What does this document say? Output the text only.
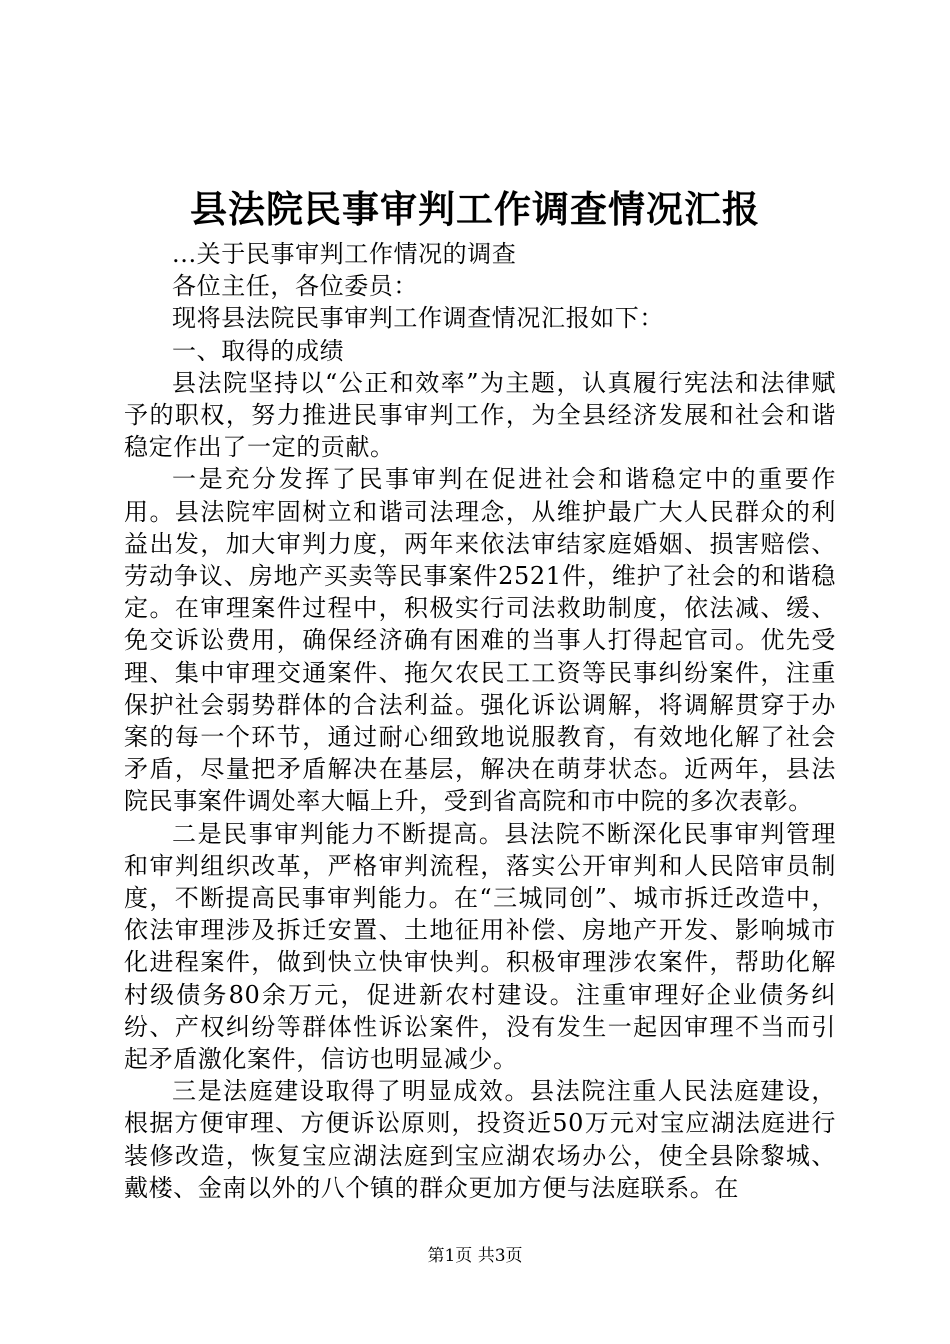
县法院民事审判工作调查情况汇报

...关于民事审判工作情况的调查

各位主任，各位委员：

现将县法院民事审判工作调查情况汇报如下：

一、取得的成绩

县法院坚持以“公正和效率”为主题，认真履行宪法和法律赋予的职权，努力推进民事审判工作，为全县经济发展和社会和谐稳定作出了一定的贡献。

一是充分发挥了民事审判在促进社会和谐稳定中的重要作用。县法院牢固树立和谐司法理念，从维护最广大人民群众的利益出发，加大审判力度，两年来依法审结家庭婚姻、损害赔偿、劳动争议、房地产买卖等民事案件2521件，维护了社会的和谐稳定。在审理案件过程中，积极实行司法救助制度，依法减、缓、免交诉讼费用，确保经济确有困难的当事人打得起官司。优先受理、集中审理交通案件、拖欠农民工工资等民事纠纷案件，注重保护社会弱势群体的合法利益。强化诉讼调解，将调解贯穿于办案的每一个环节，通过耐心细致地说服教育，有效地化解了社会矛盾，尽量把矛盾解决在基层，解决在萌芽状态。近两年，县法院民事案件调处率大幅上升，受到省高院和市中院的多次表彰。

二是民事审判能力不断提高。县法院不断深化民事审判管理和审判组织改革，严格审判流程，落实公开审判和人民陪审员制度，不断提高民事审判能力。在“三城同创”、城市拆迁改造中，依法审理涉及拆迁安置、土地征用补偿、房地产开发、影响城市化进程案件，做到快立快审快判。积极审理涉农案件，帮助化解村级债务80余万元，促进新农村建设。注重审理好企业债务纠纷、产权纠纷等群体性诉讼案件，没有发生一起因审理不当而引起矛盾激化案件，信访也明显减少。

三是法庭建设取得了明显成效。县法院注重人民法庭建设，根据方便审理、方便诉讼原则，投资近50万元对宝应湖法庭进行装修改造，恢复宝应湖法庭到宝应湖农场办公，使全县除黎城、戴楼、金南以外的八个镇的群众更加方便与法庭联系。在

第1页 共3页
